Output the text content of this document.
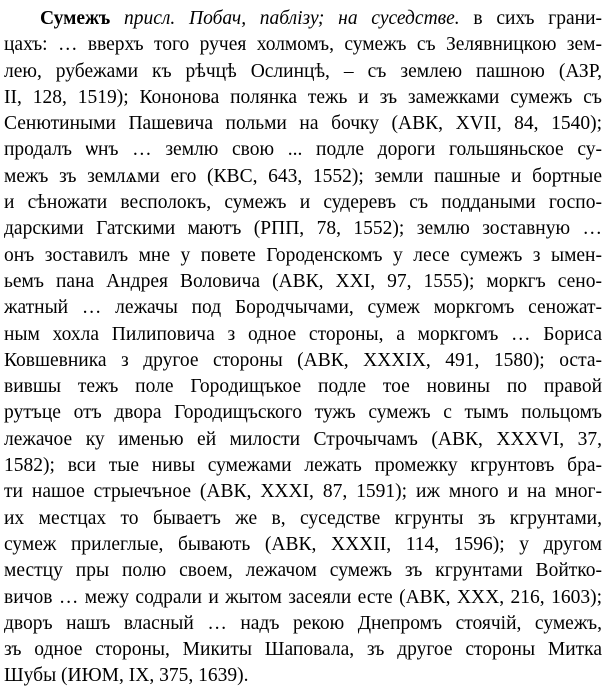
Сумежъ присл. Побач, паблізу; на суседстве. в сихъ грани-
цахъ: … вверхъ того ручея холмомъ, сумежъ съ Зелявницкою зем-
лею, рубежами къ рѣчцѣ Ослинцѣ, – съ землею пашною (АЗР,
II, 128, 1519); Кононова полянка тежь и зъ замежками сумежъ съ
Сенютиными Пашевича польми на бочку (АВК, XVII, 84, 1540);
продалъ ѡнъ … землю свою ... подле дороги гольшяньское су-
межъ зъ землѧми его (КВС, 643, 1552); земли пашные и бортные
и сѣножати весполокъ, сумежъ и судеревъ съ поддаными госпо-
дарскими Гатскими маютъ (РПП, 78, 1552); землю зоставную …
онъ зоставилъ мне у повете Городенскомъ у лесе сумежъ з ымен-
ьемъ пана Андрея Воловича (АВК, XXI, 97, 1555); моркгъ сено-
жатный … лежачы под Бородчычами, сумеж моркгомъ сеножат-
ным хохла Пилиповича з одное стороны, а моркгомъ … Бориса
Ковшевника з другое стороны (АВК, XXXIX, 491, 1580); оста-
вившы тежъ поле Городищъкое подле тое новины по правой
рутъце отъ двора Городищъского тужъ сумежъ с тымъ польцомъ
лежачое ку именью ей милости Строчычамъ (АВК, XXXVI, 37,
1582); вси тые нивы сумежами лежать промежку кгрунтовъ бра-
ти нашое стрыечъное (АВК, XXXI, 87, 1591); иж много и на мног-
их местцах то бываетъ же в, суседстве кгрунты зъ кгрунтами,
сумеж прилеглые, бывають (АВК, XXXII, 114, 1596); у другом
местцу пры полю своем, лежачом сумежъ зъ кгрунтами Войтко-
вичов … межу содрали и жытом засеяли есте (АВК, XXX, 216, 1603);
дворъ нашъ власный … надъ рекою Днепромъ стоячій, сумежъ,
зъ одное стороны, Микиты Шаповала, зъ другое стороны Митка
Шубы (ИЮМ, IX, 375, 1639).
